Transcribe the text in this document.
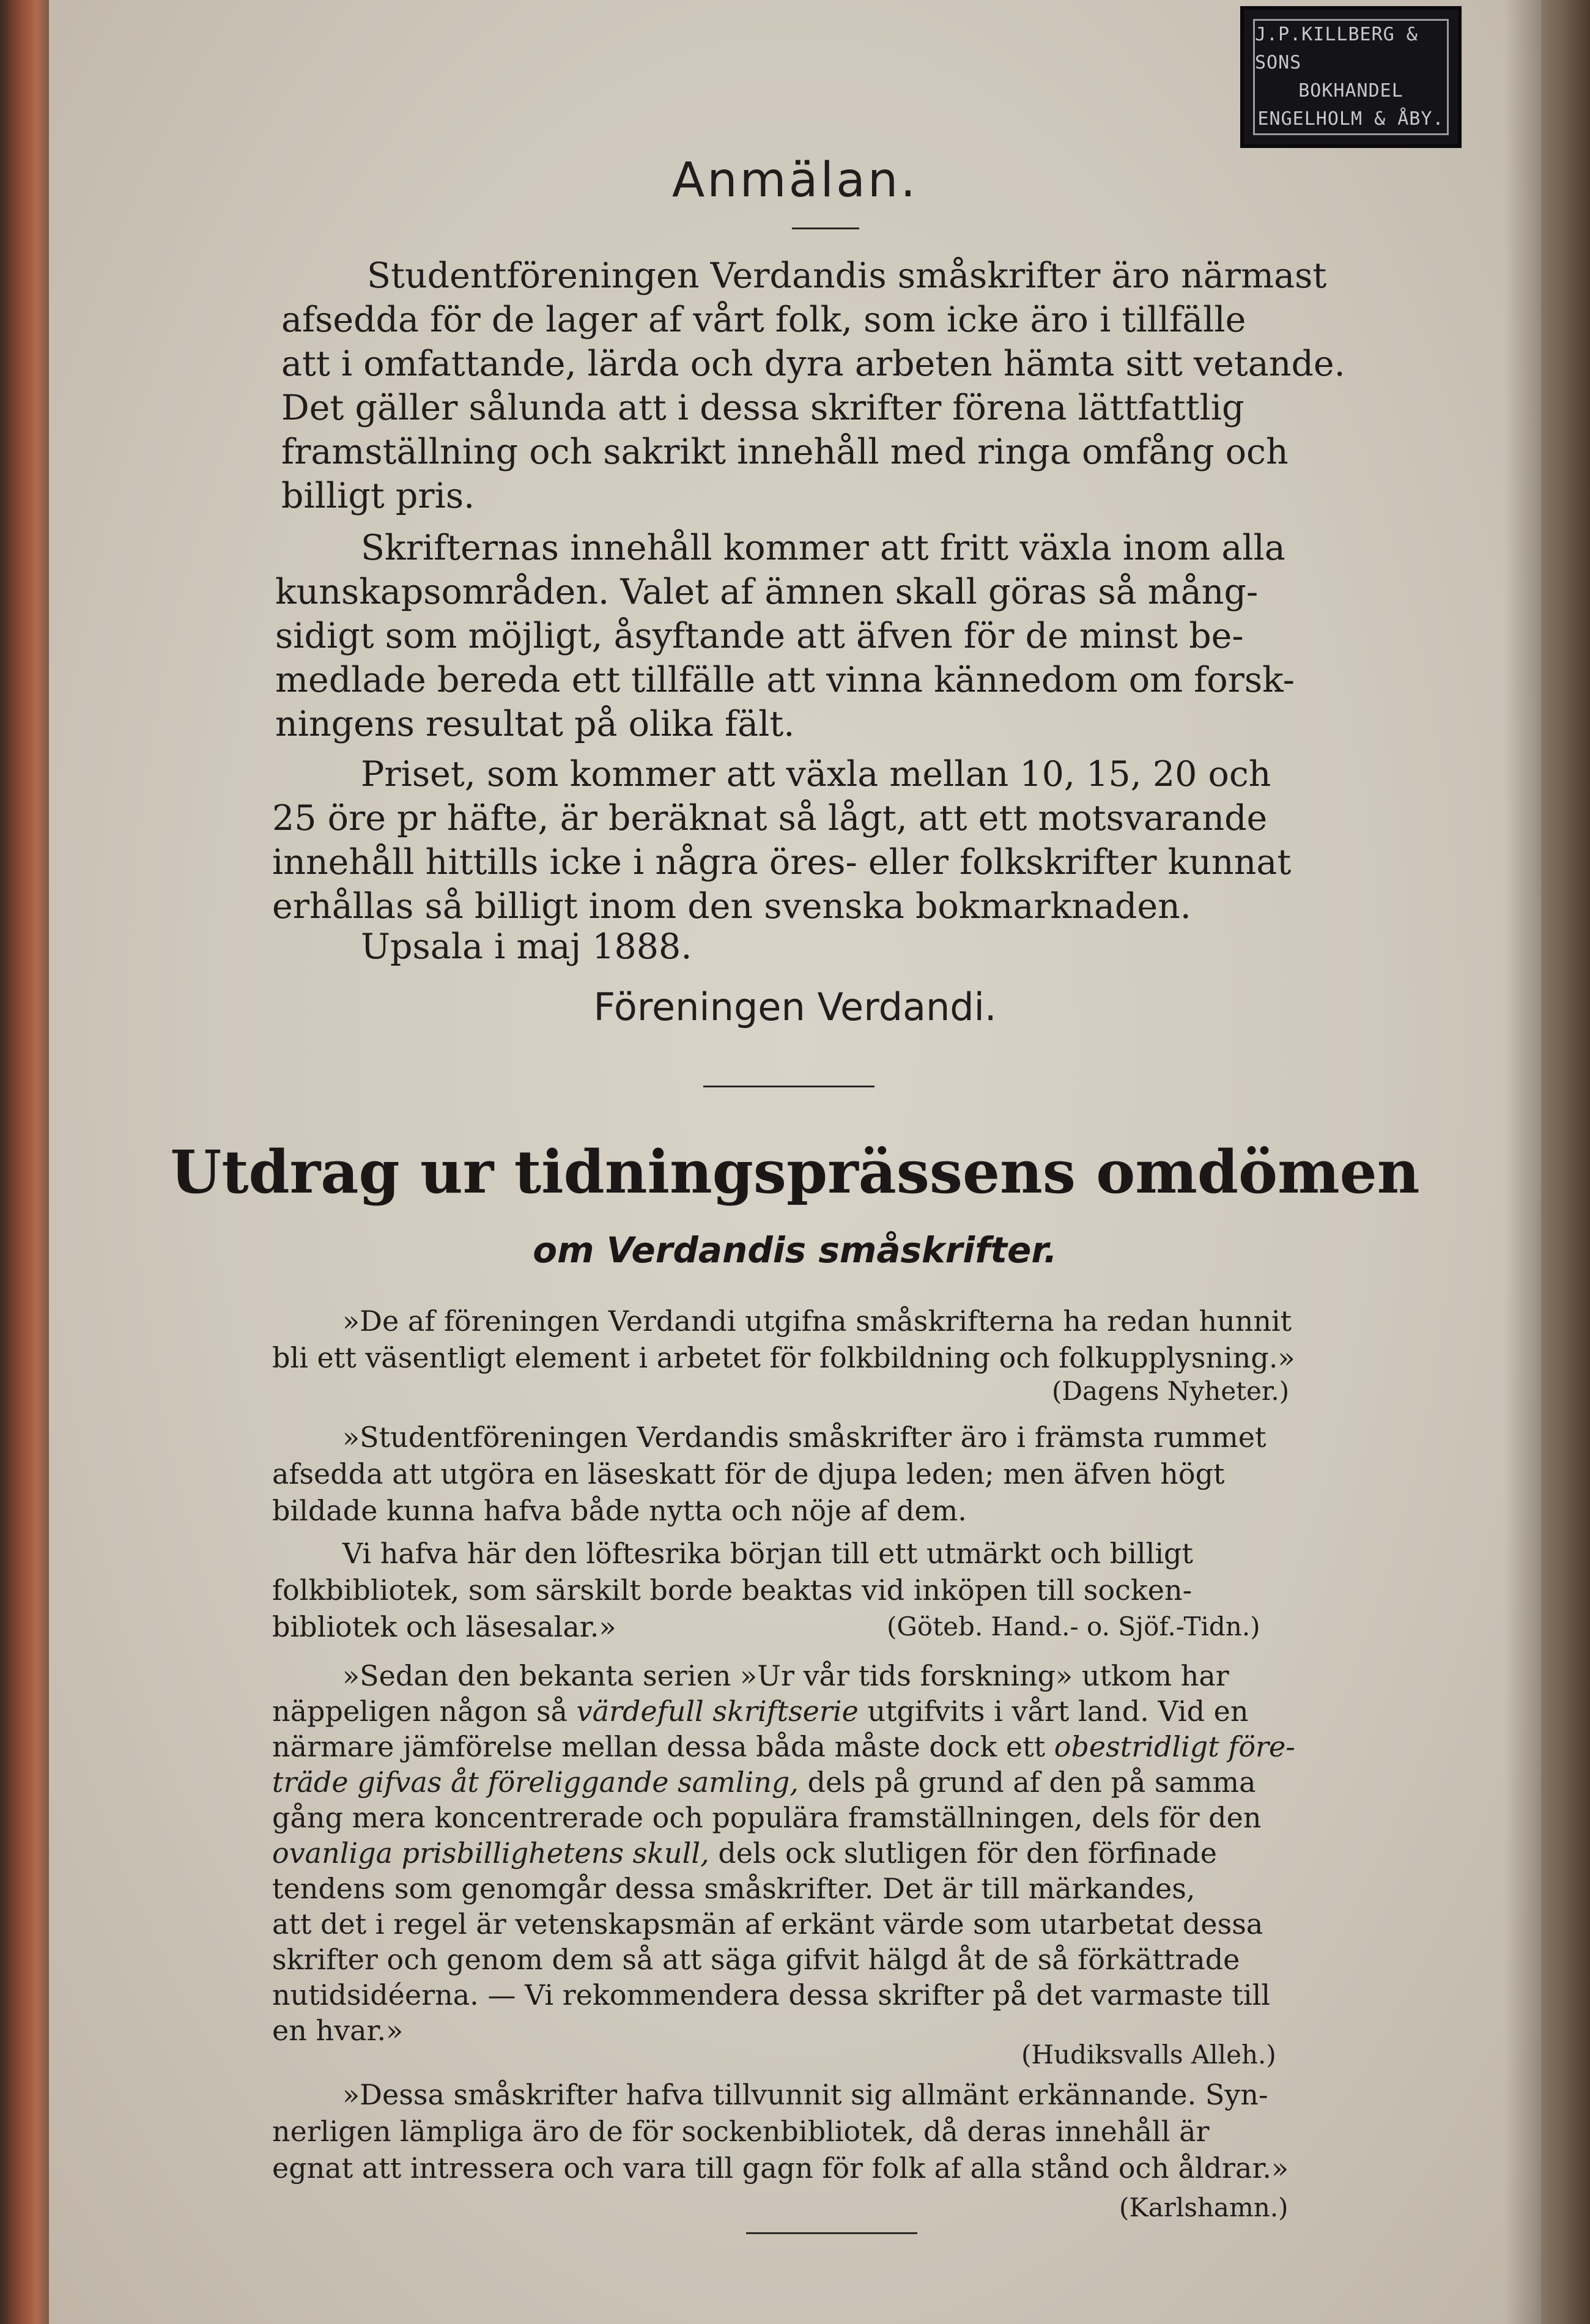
J.P.KILLBERG & SONS
BOKHANDEL
ENGELHOLM & ÅBY.
Anmälan.
Studentföreningen Verdandis småskrifter äro närmast
afsedda för de lager af vårt folk, som icke äro i tillfälle
att i omfattande, lärda och dyra arbeten hämta sitt vetande.
Det gäller sålunda att i dessa skrifter förena lättfattlig
framställning och sakrikt innehåll med ringa omfång och
billigt pris.
Skrifternas innehåll kommer att fritt växla inom alla
kunskapsområden. Valet af ämnen skall göras så mång-
sidigt som möjligt, åsyftande att äfven för de minst be-
medlade bereda ett tillfälle att vinna kännedom om forsk-
ningens resultat på olika fält.
Priset, som kommer att växla mellan 10, 15, 20 och
25 öre pr häfte, är beräknat så lågt, att ett motsvarande
innehåll hittills icke i några öres- eller folkskrifter kunnat
erhållas så billigt inom den svenska bokmarknaden.
Upsala i maj 1888.
Föreningen Verdandi.
Utdrag ur tidningsprässens omdömen
om Verdandis småskrifter.
»De af föreningen Verdandi utgifna småskrifterna ha redan hunnit
bli ett väsentligt element i arbetet för folkbildning och folkupplysning.»
(Dagens Nyheter.)
»Studentföreningen Verdandis småskrifter äro i främsta rummet
afsedda att utgöra en läseskatt för de djupa leden; men äfven högt
bildade kunna hafva både nytta och nöje af dem.
Vi hafva här den löftesrika början till ett utmärkt och billigt
folkbibliotek, som särskilt borde beaktas vid inköpen till socken-
bibliotek och läsesalar.»	(Göteb. Hand.- o. Sjöf.-Tidn.)
»Sedan den bekanta serien »Ur vår tids forskning» utkom har
näppeligen någon så värdefull skriftserie utgifvits i vårt land. Vid en
närmare jämförelse mellan dessa båda måste dock ett obestridligt före-
träde gifvas åt föreliggande samling, dels på grund af den på samma
gång mera koncentrerade och populära framställningen, dels för den
ovanliga prisbillighetens skull, dels ock slutligen för den förfinade
tendens som genomgår dessa småskrifter. Det är till märkandes,
att det i regel är vetenskapsmän af erkänt värde som utarbetat dessa
skrifter och genom dem så att säga gifvit hälgd åt de så förkättrade
nutidsidéerna. — Vi rekommendera dessa skrifter på det varmaste till
en hvar.»
(Hudiksvalls Alleh.)
»Dessa småskrifter hafva tillvunnit sig allmänt erkännande. Syn-
nerligen lämpliga äro de för sockenbibliotek, då deras innehåll är
egnat att intressera och vara till gagn för folk af alla stånd och åldrar.»
(Karlshamn.)
